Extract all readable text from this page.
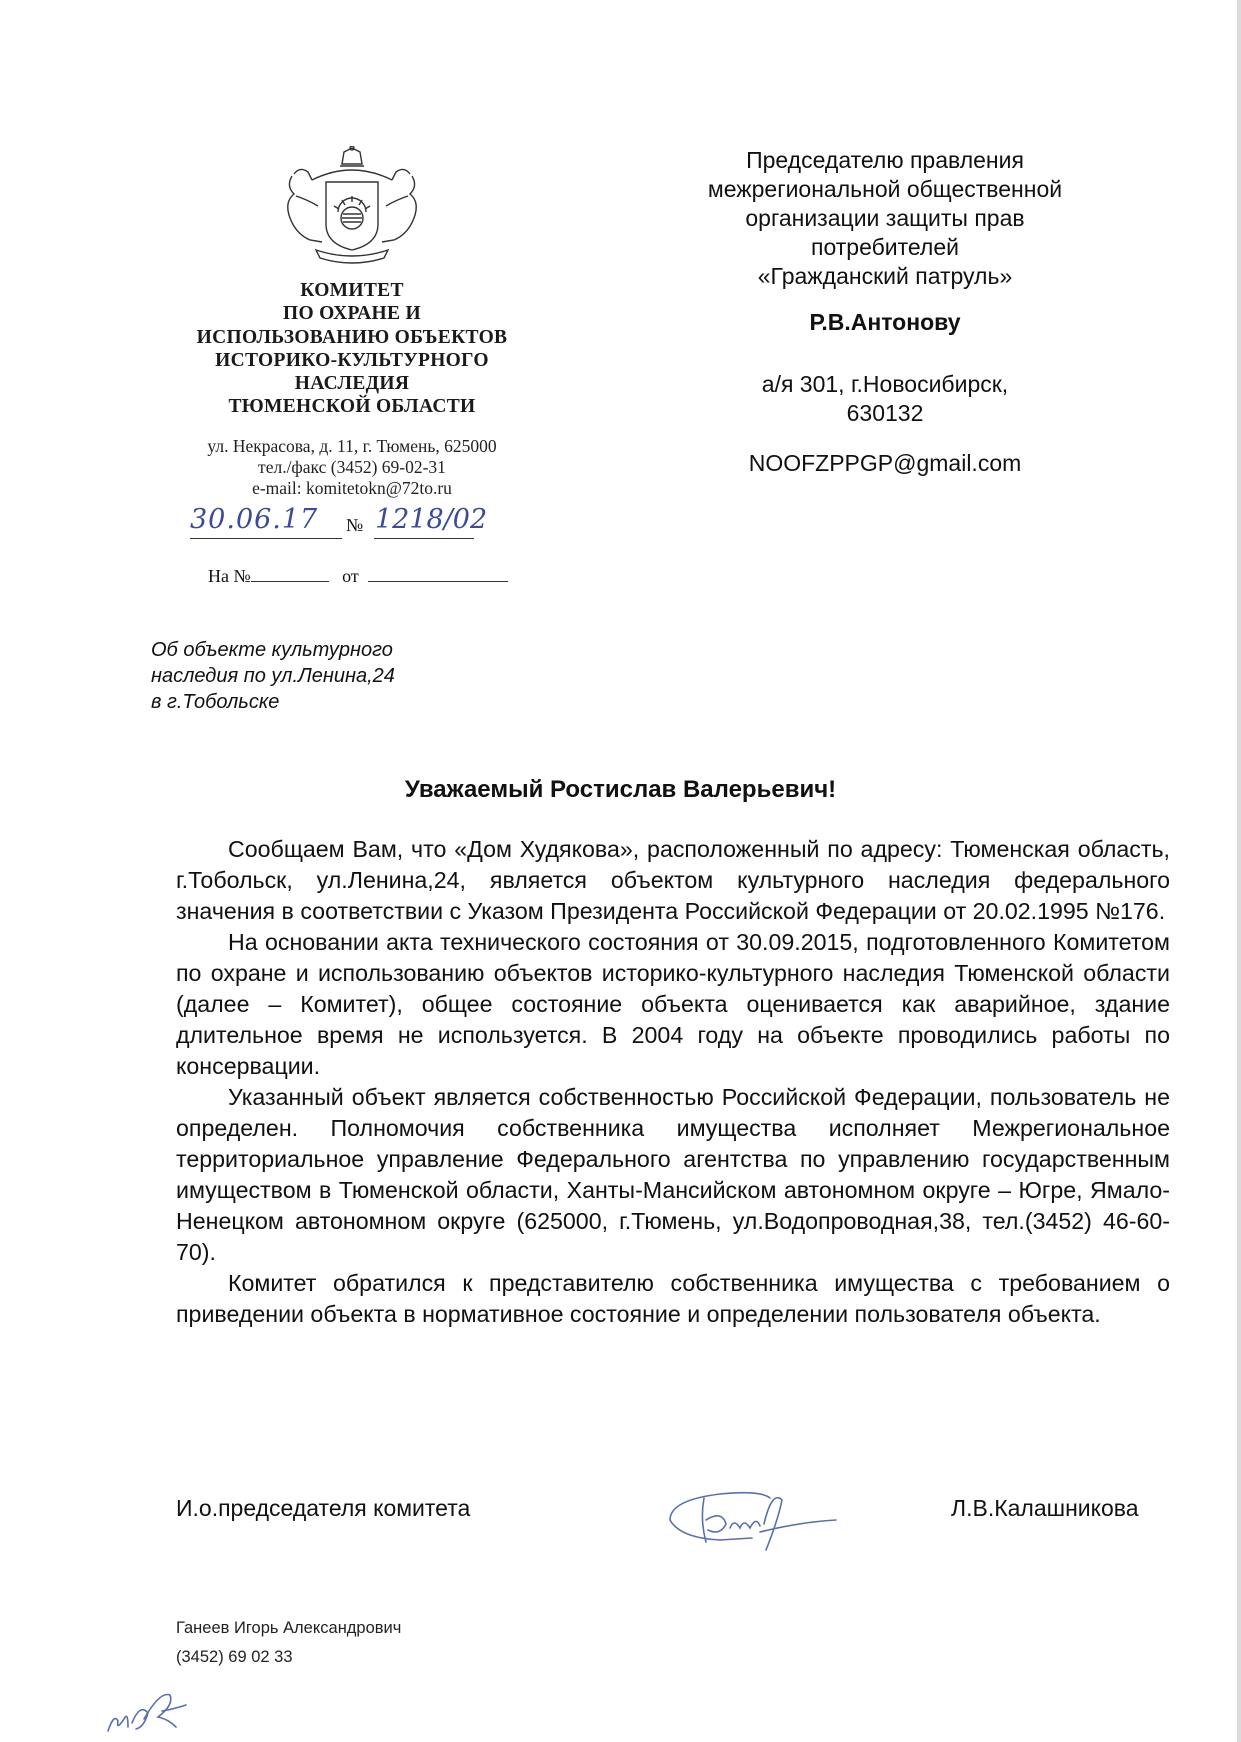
КОМИТЕТ
ПО ОХРАНЕ И
ИСПОЛЬЗОВАНИЮ ОБЪЕКТОВ
ИСТОРИКО-КУЛЬТУРНОГО
НАСЛЕДИЯ
ТЮМЕНСКОЙ ОБЛАСТИ
ул. Некрасова, д. 11, г. Тюмень, 625000
тел./факс (3452) 69-02-31
e-mail: komitetokn@72to.ru
30.06.17 № 1218/02
На №	от
Председателю правления
межрегиональной общественной
организации защиты прав
потребителей
«Гражданский патруль»
Р.В.Антонову
а/я 301, г.Новосибирск,
630132
NOOFZPPGP@gmail.com
Об объекте культурного
наследия по ул.Ленина,24
в г.Тобольске
Уважаемый Ростислав Валерьевич!

Сообщаем Вам, что «Дом Худякова», расположенный по адресу: Тюменская область, г.Тобольск, ул.Ленина,24, является объектом культурного наследия федерального значения в соответствии с Указом Президента Российской Федерации от 20.02.1995 №176.

На основании акта технического состояния от 30.09.2015, подготовленного Комитетом по охране и использованию объектов историко-культурного наследия Тюменской области (далее – Комитет), общее состояние объекта оценивается как аварийное, здание длительное время не используется. В 2004 году на объекте проводились работы по консервации.

Указанный объект является собственностью Российской Федерации, пользователь не определен. Полномочия собственника имущества исполняет Межрегиональное территориальное управление Федерального агентства по управлению государственным имуществом в Тюменской области, Ханты-Мансийском автономном округе – Югре, Ямало-Ненецком автономном округе (625000, г.Тюмень, ул.Водопроводная,38, тел.(3452) 46-60-70).

Комитет обратился к представителю собственника имущества с требованием о приведении объекта в нормативное состояние и определении пользователя объекта.

И.о.председателя комитета	Л.В.Калашникова
Ганеев Игорь Александрович
(3452) 69 02 33
